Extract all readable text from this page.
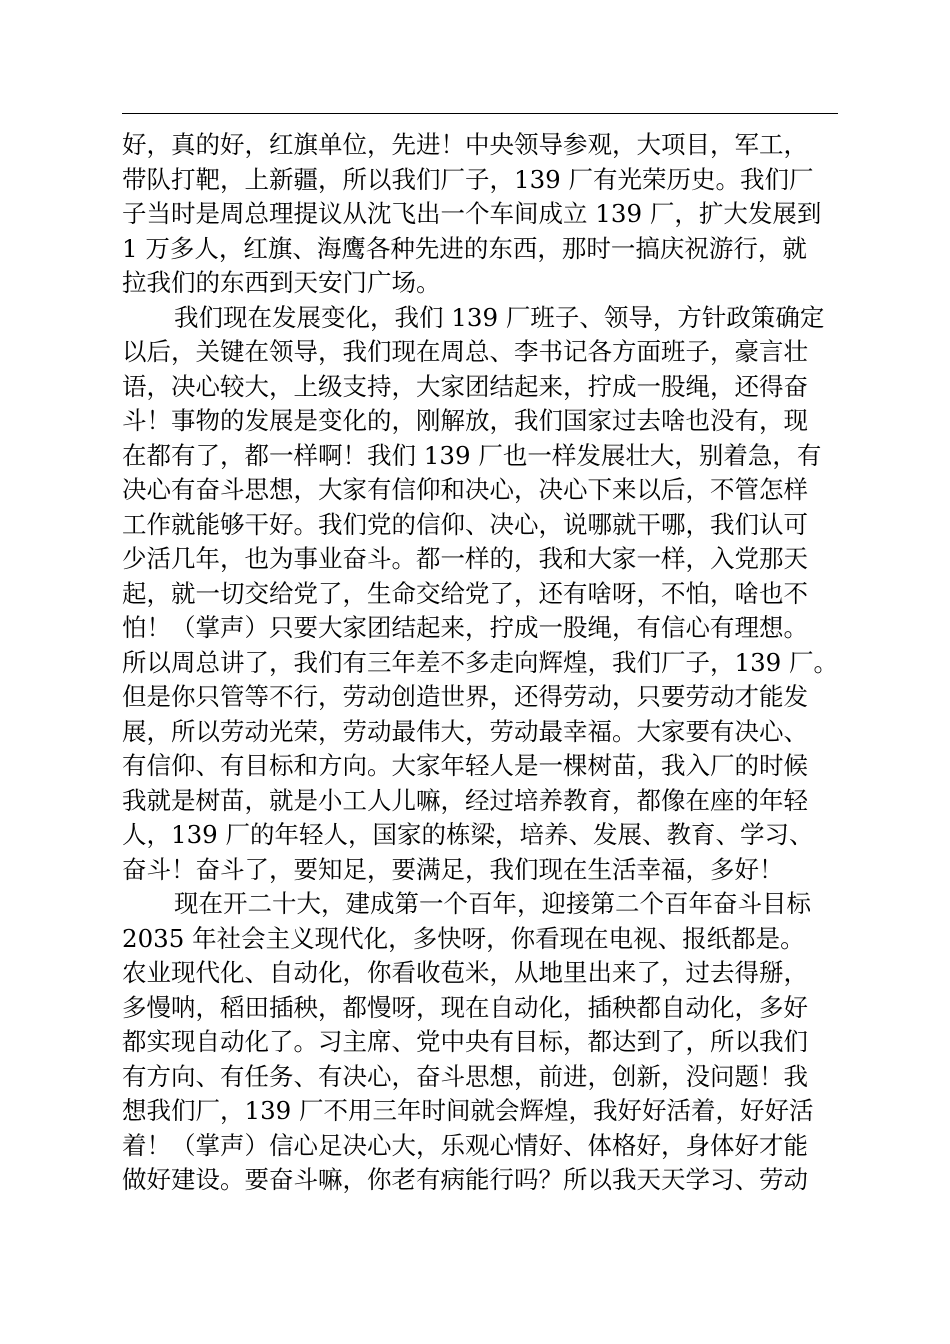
好，真的好，红旗单位，先进！中央领导参观，大项目，军工，
带队打靶，上新疆，所以我们厂子，139 厂有光荣历史。我们厂
子当时是周总理提议从沈飞出一个车间成立 139 厂，扩大发展到
1 万多人，红旗、海鹰各种先进的东西，那时一搞庆祝游行，就
拉我们的东西到天安门广场。
我们现在发展变化，我们 139 厂班子、领导，方针政策确定
以后，关键在领导，我们现在周总、李书记各方面班子，豪言壮
语，决心较大，上级支持，大家团结起来，拧成一股绳，还得奋
斗！事物的发展是变化的，刚解放，我们国家过去啥也没有，现
在都有了，都一样啊！我们 139 厂也一样发展壮大，别着急，有
决心有奋斗思想，大家有信仰和决心，决心下来以后，不管怎样
工作就能够干好。我们党的信仰、决心，说哪就干哪，我们认可
少活几年，也为事业奋斗。都一样的，我和大家一样，入党那天
起，就一切交给党了，生命交给党了，还有啥呀，不怕，啥也不
怕！（掌声）只要大家团结起来，拧成一股绳，有信心有理想。
所以周总讲了，我们有三年差不多走向辉煌，我们厂子，139 厂。
但是你只管等不行，劳动创造世界，还得劳动，只要劳动才能发
展，所以劳动光荣，劳动最伟大，劳动最幸福。大家要有决心、
有信仰、有目标和方向。大家年轻人是一棵树苗，我入厂的时候
我就是树苗，就是小工人儿嘛，经过培养教育，都像在座的年轻
人，139 厂的年轻人，国家的栋梁，培养、发展、教育、学习、
奋斗！奋斗了，要知足，要满足，我们现在生活幸福，多好！
现在开二十大，建成第一个百年，迎接第二个百年奋斗目标
2035 年社会主义现代化，多快呀，你看现在电视、报纸都是。
农业现代化、自动化，你看收苞米，从地里出来了，过去得掰，
多慢呐，稻田插秧，都慢呀，现在自动化，插秧都自动化，多好
都实现自动化了。习主席、党中央有目标，都达到了，所以我们
有方向、有任务、有决心，奋斗思想，前进，创新，没问题！我
想我们厂，139 厂不用三年时间就会辉煌，我好好活着，好好活
着！（掌声）信心足决心大，乐观心情好、体格好，身体好才能
做好建设。要奋斗嘛，你老有病能行吗？所以我天天学习、劳动
